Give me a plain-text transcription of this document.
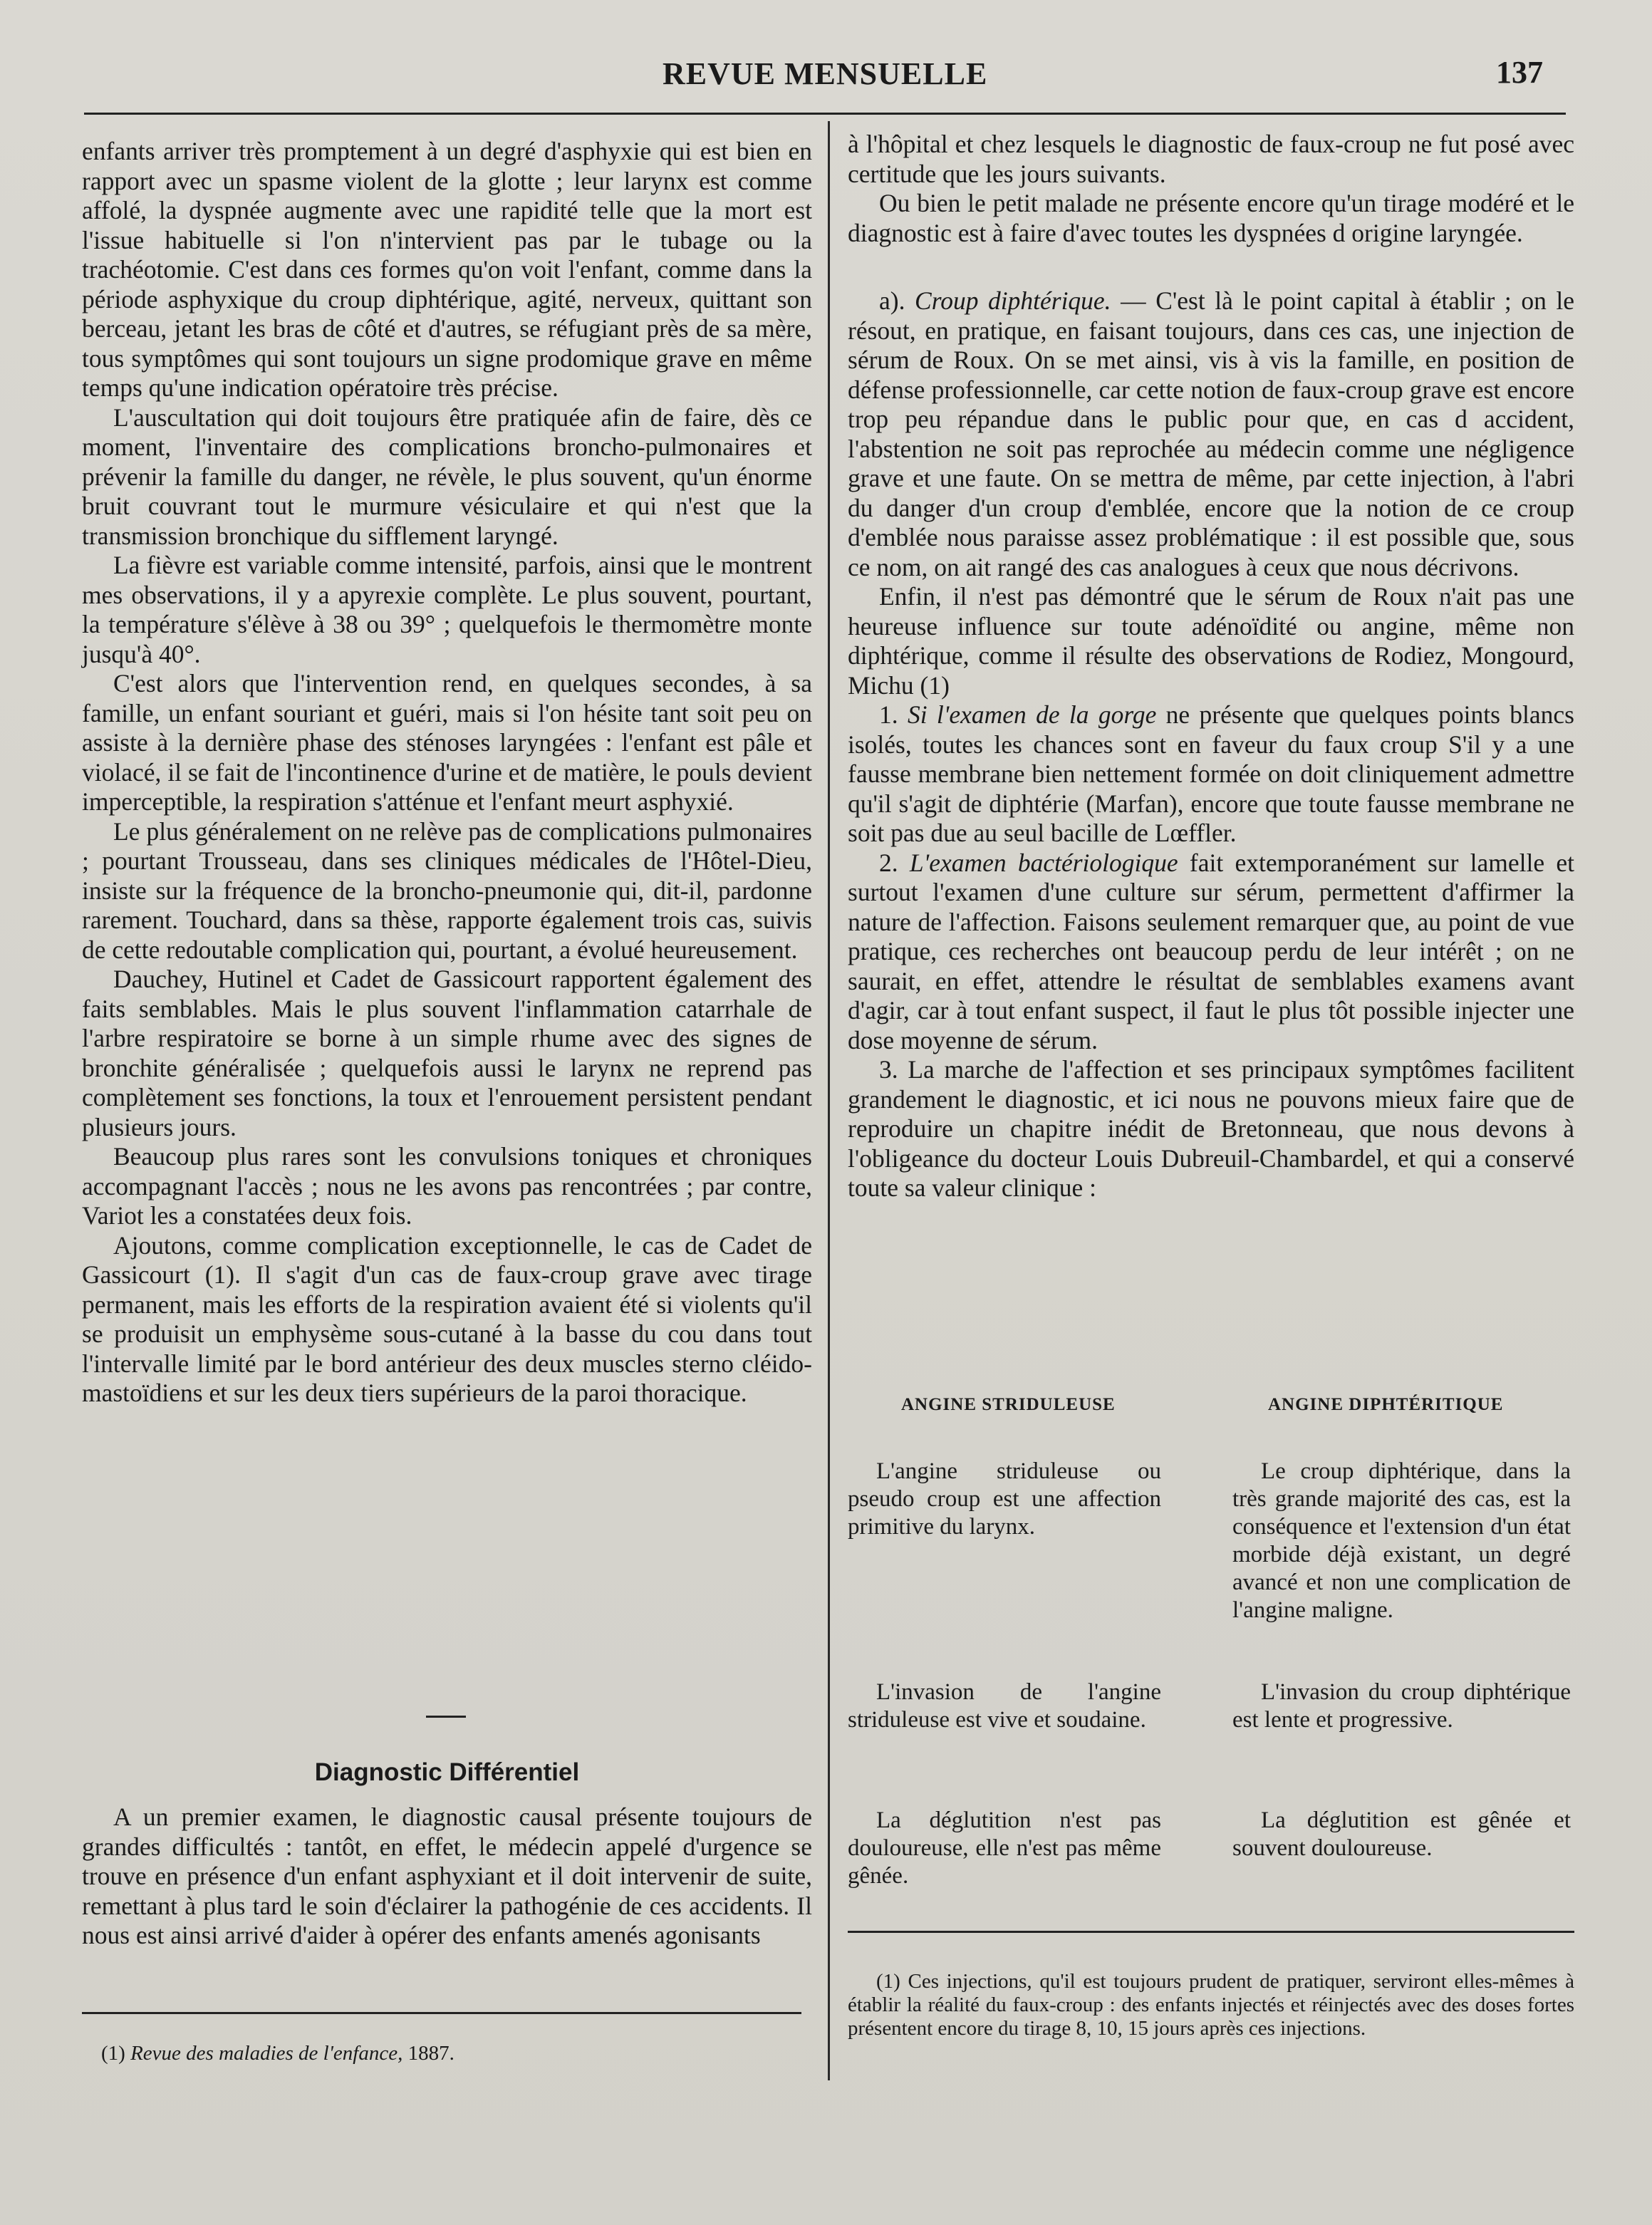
REVUE MENSUELLE	137

enfants arriver très promptement à un degré d'asphyxie qui est bien en rapport avec un spasme violent de la glotte ; leur larynx est comme affolé, la dyspnée augmente avec une rapidité telle que la mort est l'issue habituelle si l'on n'intervient pas par le tubage ou la trachéotomie. C'est dans ces formes qu'on voit l'enfant, comme dans la période asphyxique du croup diphtérique, agité, nerveux, quittant son berceau, jetant les bras de côté et d'autres, se réfugiant près de sa mère, tous symptômes qui sont toujours un signe prodomique grave en même temps qu'une indication opératoire très précise.

L'auscultation qui doit toujours être pratiquée afin de faire, dès ce moment, l'inventaire des complications broncho-pulmonaires et prévenir la famille du danger, ne révèle, le plus souvent, qu'un énorme bruit couvrant tout le murmure vésiculaire et qui n'est que la transmission bronchique du sifflement laryngé.

La fièvre est variable comme intensité, parfois, ainsi que le montrent mes observations, il y a apyrexie complète. Le plus souvent, pourtant, la température s'élève à 38 ou 39° ; quelquefois le thermomètre monte jusqu'à 40°.

C'est alors que l'intervention rend, en quelques secondes, à sa famille, un enfant souriant et guéri, mais si l'on hésite tant soit peu on assiste à la dernière phase des sténoses laryngées : l'enfant est pâle et violacé, il se fait de l'incontinence d'urine et de matière, le pouls devient imperceptible, la respiration s'atténue et l'enfant meurt asphyxié.

Le plus généralement on ne relève pas de complications pulmonaires ; pourtant Trousseau, dans ses cliniques médicales de l'Hôtel-Dieu, insiste sur la fréquence de la broncho-pneumonie qui, dit-il, pardonne rarement. Touchard, dans sa thèse, rapporte également trois cas, suivis de cette redoutable complication qui, pourtant, a évolué heureusement.

Dauchey, Hutinel et Cadet de Gassicourt rapportent également des faits semblables. Mais le plus souvent l'inflammation catarrhale de l'arbre respiratoire se borne à un simple rhume avec des signes de bronchite généralisée ; quelquefois aussi le larynx ne reprend pas complètement ses fonctions, la toux et l'enrouement persistent pendant plusieurs jours.

Beaucoup plus rares sont les convulsions toniques et chroniques accompagnant l'accès ; nous ne les avons pas rencontrées ; par contre, Variot les a constatées deux fois.

Ajoutons, comme complication exceptionnelle, le cas de Cadet de Gassicourt (1). Il s'agit d'un cas de faux-croup grave avec tirage permanent, mais les efforts de la respiration avaient été si violents qu'il se produisit un emphysème sous-cutané à la basse du cou dans tout l'intervalle limité par le bord antérieur des deux muscles sterno cléido-mastoïdiens et sur les deux tiers supérieurs de la paroi thoracique.

Diagnostic Différentiel

A un premier examen, le diagnostic causal présente toujours de grandes difficultés : tantôt, en effet, le médecin appelé d'urgence se trouve en présence d'un enfant asphyxiant et il doit intervenir de suite, remettant à plus tard le soin d'éclairer la pathogénie de ces accidents. Il nous est ainsi arrivé d'aider à opérer des enfants amenés agonisants

(1) Revue des maladies de l'enfance, 1887.

à l'hôpital et chez lesquels le diagnostic de faux-croup ne fut posé avec certitude que les jours suivants.

Ou bien le petit malade ne présente encore qu'un tirage modéré et le diagnostic est à faire d'avec toutes les dyspnées d origine laryngée.

a). Croup diphtérique. — C'est là le point capital à établir ; on le résout, en pratique, en faisant toujours, dans ces cas, une injection de sérum de Roux. On se met ainsi, vis à vis la famille, en position de défense professionnelle, car cette notion de faux-croup grave est encore trop peu répandue dans le public pour que, en cas d accident, l'abstention ne soit pas reprochée au médecin comme une négligence grave et une faute. On se mettra de même, par cette injection, à l'abri du danger d'un croup d'emblée, encore que la notion de ce croup d'emblée nous paraisse assez problématique : il est possible que, sous ce nom, on ait rangé des cas analogues à ceux que nous décrivons.

Enfin, il n'est pas démontré que le sérum de Roux n'ait pas une heureuse influence sur toute adénoïdité ou angine, même non diphtérique, comme il résulte des observations de Rodiez, Mongourd, Michu (1)

1. Si l'examen de la gorge ne présente que quelques points blancs isolés, toutes les chances sont en faveur du faux croup S'il y a une fausse membrane bien nettement formée on doit cliniquement admettre qu'il s'agit de diphtérie (Marfan), encore que toute fausse membrane ne soit pas due au seul bacille de Lœffler.

2. L'examen bactériologique fait extemporanément sur lamelle et surtout l'examen d'une culture sur sérum, permettent d'affirmer la nature de l'affection. Faisons seulement remarquer que, au point de vue pratique, ces recherches ont beaucoup perdu de leur intérêt ; on ne saurait, en effet, attendre le résultat de semblables examens avant d'agir, car à tout enfant suspect, il faut le plus tôt possible injecter une dose moyenne de sérum.

3. La marche de l'affection et ses principaux symptômes facilitent grandement le diagnostic, et ici nous ne pouvons mieux faire que de reproduire un chapitre inédit de Bretonneau, que nous devons à l'obligeance du docteur Louis Dubreuil-Chambardel, et qui a conservé toute sa valeur clinique :

ANGINE STRIDULEUSE	ANGINE DIPHTÉRITIQUE

L'angine striduleuse ou pseudo croup est une affection primitive du larynx.

Le croup diphtérique, dans la très grande majorité des cas, est la conséquence et l'extension d'un état morbide déjà existant, un degré avancé et non une complication de l'angine maligne.

L'invasion de l'angine striduleuse est vive et soudaine.

L'invasion du croup diphtérique est lente et progressive.

La déglutition n'est pas douloureuse, elle n'est pas même gênée.

La déglutition est gênée et souvent douloureuse.

(1) Ces injections, qu'il est toujours prudent de pratiquer, serviront elles-mêmes à établir la réalité du faux-croup : des enfants injectés et réinjectés avec des doses fortes présentent encore du tirage 8, 10, 15 jours après ces injections.
